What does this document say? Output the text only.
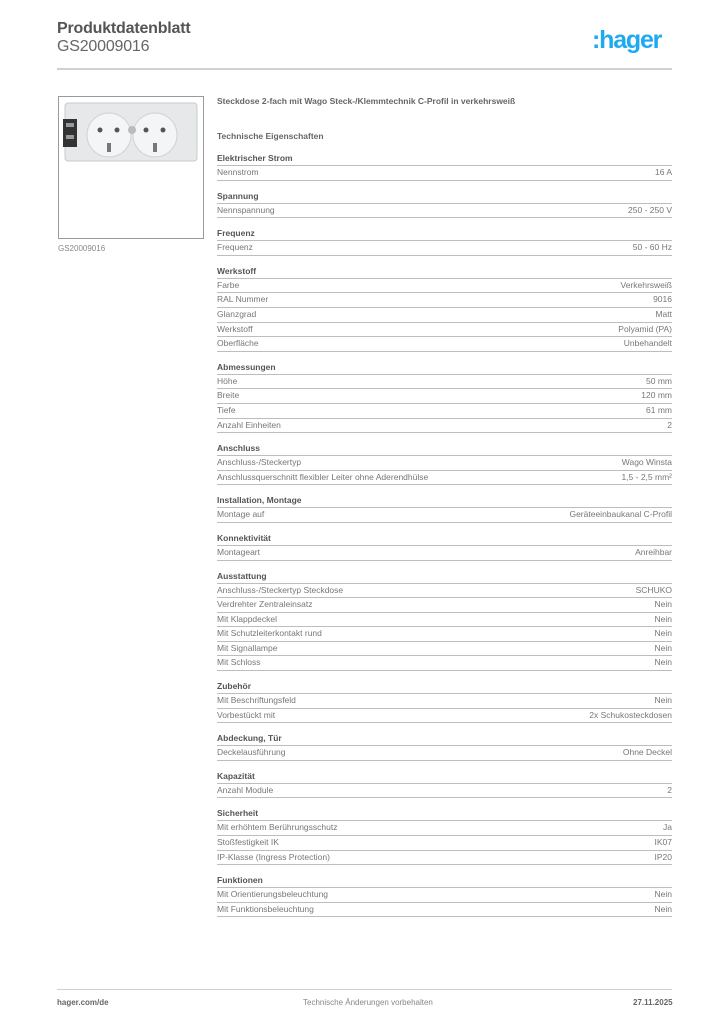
Produktdatenblatt
GS20009016	:hager
GS20009016
Steckdose 2-fach mit Wago Steck-/Klemmtechnik C-Profil in verkehrsweiß
Technische Eigenschaften
Elektrischer Strom
Nennstrom	16 A
Spannung
Nennspannung	250 - 250 V
Frequenz
Frequenz	50 - 60 Hz
Werkstoff
Farbe	Verkehrsweiß
RAL Nummer	9016
Glanzgrad	Matt
Werkstoff	Polyamid (PA)
Oberfläche	Unbehandelt
Abmessungen
Höhe	50 mm
Breite	120 mm
Tiefe	61 mm
Anzahl Einheiten	2
Anschluss
Anschluss-/Steckertyp	Wago Winsta
Anschlussquerschnitt flexibler Leiter ohne Aderendhülse	1,5 - 2,5 mm²
Installation, Montage
Montage auf	Geräteeinbaukanal C-Profil
Konnektivität
Montageart	Anreihbar
Ausstattung
Anschluss-/Steckertyp Steckdose	SCHUKO
Verdrehter Zentraleinsatz	Nein
Mit Klappdeckel	Nein
Mit Schutzleiterkontakt rund	Nein
Mit Signallampe	Nein
Mit Schloss	Nein
Zubehör
Mit Beschriftungsfeld	Nein
Vorbestückt mit	2x Schukosteckdosen
Abdeckung, Tür
Deckelausführung	Ohne Deckel
Kapazität
Anzahl Module	2
Sicherheit
Mit erhöhtem Berührungsschutz	Ja
Stoßfestigkeit IK	IK07
IP-Klasse (Ingress Protection)	IP20
Funktionen
Mit Orientierungsbeleuchtung	Nein
Mit Funktionsbeleuchtung	Nein
hager.com/de	Technische Änderungen vorbehalten	27.11.2025
